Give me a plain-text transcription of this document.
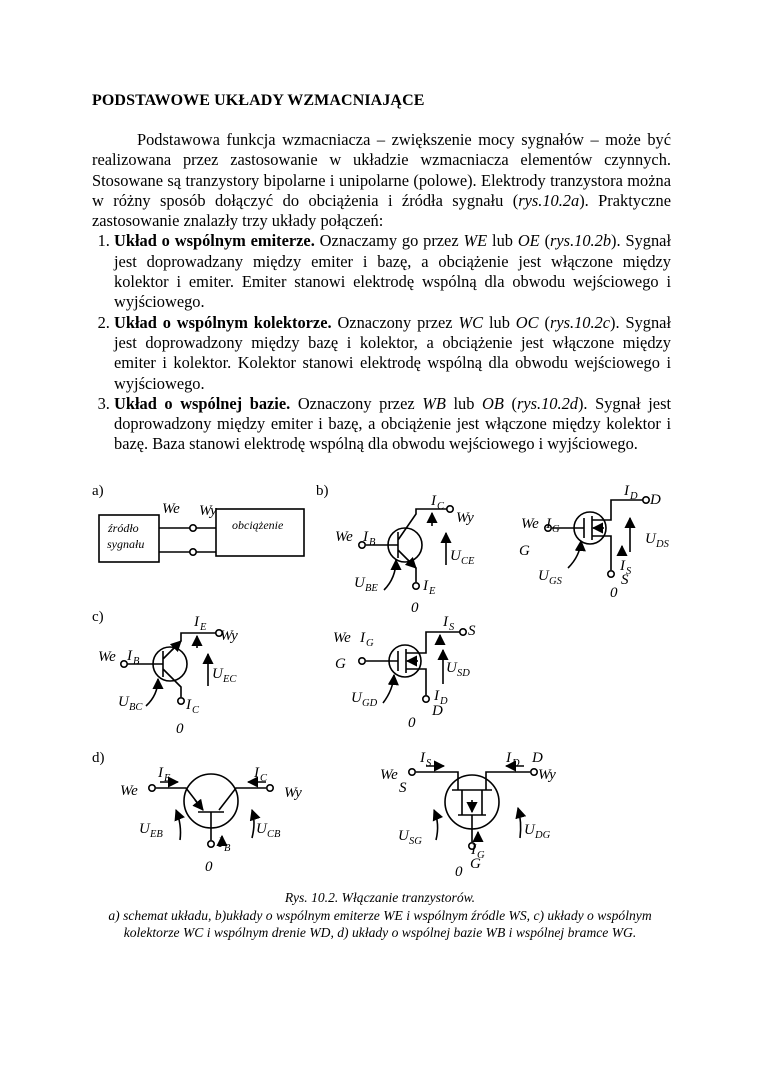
PODSTAWOWE UKŁADY WZMACNIAJĄCE

Podstawowa funkcja wzmacniacza – zwiększenie mocy sygnałów – może być realizowana przez zastosowanie w układzie wzmacniacza elementów czynnych. Stosowane są tranzystory bipolarne i unipolarne (polowe). Elektrody tranzystora można w różny sposób dołączyć do obciążenia i źródła sygnału (rys.10.2a). Praktyczne zastosowanie znalazły trzy układy połączeń:

1. Układ o wspólnym emiterze. Oznaczamy go przez WE lub OE (rys.10.2b). Sygnał jest doprowadzany między emiter i bazę, a obciążenie jest włączone między kolektor i emiter. Emiter stanowi elektrodę wspólną dla obwodu wejściowego i wyjściowego.
2. Układ o wspólnym kolektorze. Oznaczony przez WC lub OC (rys.10.2c). Sygnał jest doprowadzony między bazę i kolektor, a obciążenie jest włączone między emiter i kolektor. Kolektor stanowi elektrodę wspólną dla obwodu wejściowego i wyjściowego.
3. Układ o wspólnej bazie. Oznaczony przez WB lub OB (rys.10.2d). Sygnał jest doprowadzony między emiter i bazę, a obciążenie jest włączone między kolektor i bazę. Baza stanowi elektrodę wspólną dla obwodu wejściowego i wyjściowego.
a)
źródło
sygnału
obciążenie
We Wy
b)
We
Wy
I B
I C
I E
U CE
U BE
0
We I G
G
I D D
U DS
I S
S
U GS
0
c)
We
Wy
I B
I E
I C
U EC
U BC
0
We I G
G
I S S
U SD
I D
D
U GD
0
d)
We	Wy
I E	I C
U EB	U CB
I B
0
We
S
I S	I D D
Wy
U SG
U DG
I G
G
0
Rys. 10.2. Włączanie tranzystorów.
a) schemat układu, b)układy o wspólnym emiterze WE i wspólnym źródle WS, c) układy o wspólnym kolektorze WC i wspólnym drenie WD, d) układy o wspólnej bazie WB i wspólnej bramce WG.
